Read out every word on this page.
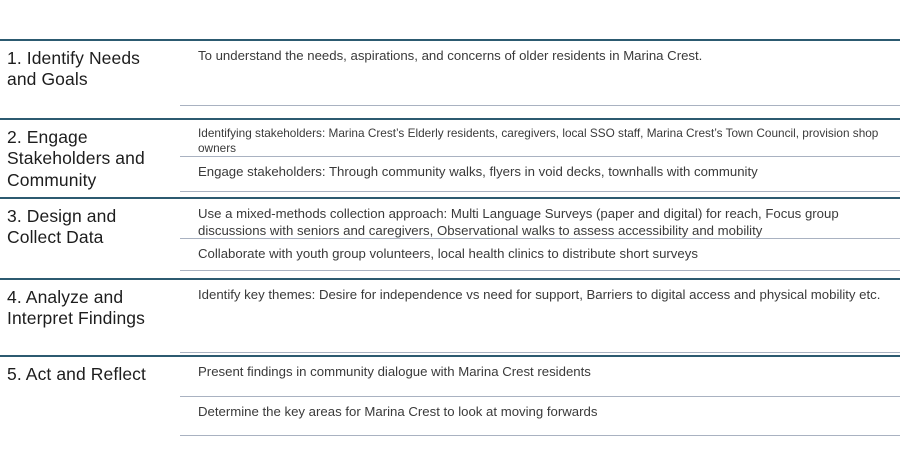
1. Identify Needs and Goals
To understand the needs, aspirations, and concerns of older residents in Marina Crest.
2. Engage Stakeholders and Community
Identifying stakeholders: Marina Crest’s Elderly residents, caregivers, local SSO staff, Marina Crest’s Town Council, provision shop owners
Engage stakeholders: Through community walks, flyers in void decks, townhalls with community
3. Design and Collect Data
Use a mixed-methods collection approach: Multi Language Surveys (paper and digital) for reach, Focus group discussions with seniors and caregivers, Observational walks to assess accessibility and mobility
Collaborate with youth group volunteers, local health clinics to distribute short surveys
4. Analyze and Interpret Findings
Identify key themes: Desire for independence vs need for support, Barriers to digital access and physical mobility etc.
5. Act and Reflect	Present findings in community dialogue with Marina Crest residents
Determine the key areas for Marina Crest to look at moving forwards
